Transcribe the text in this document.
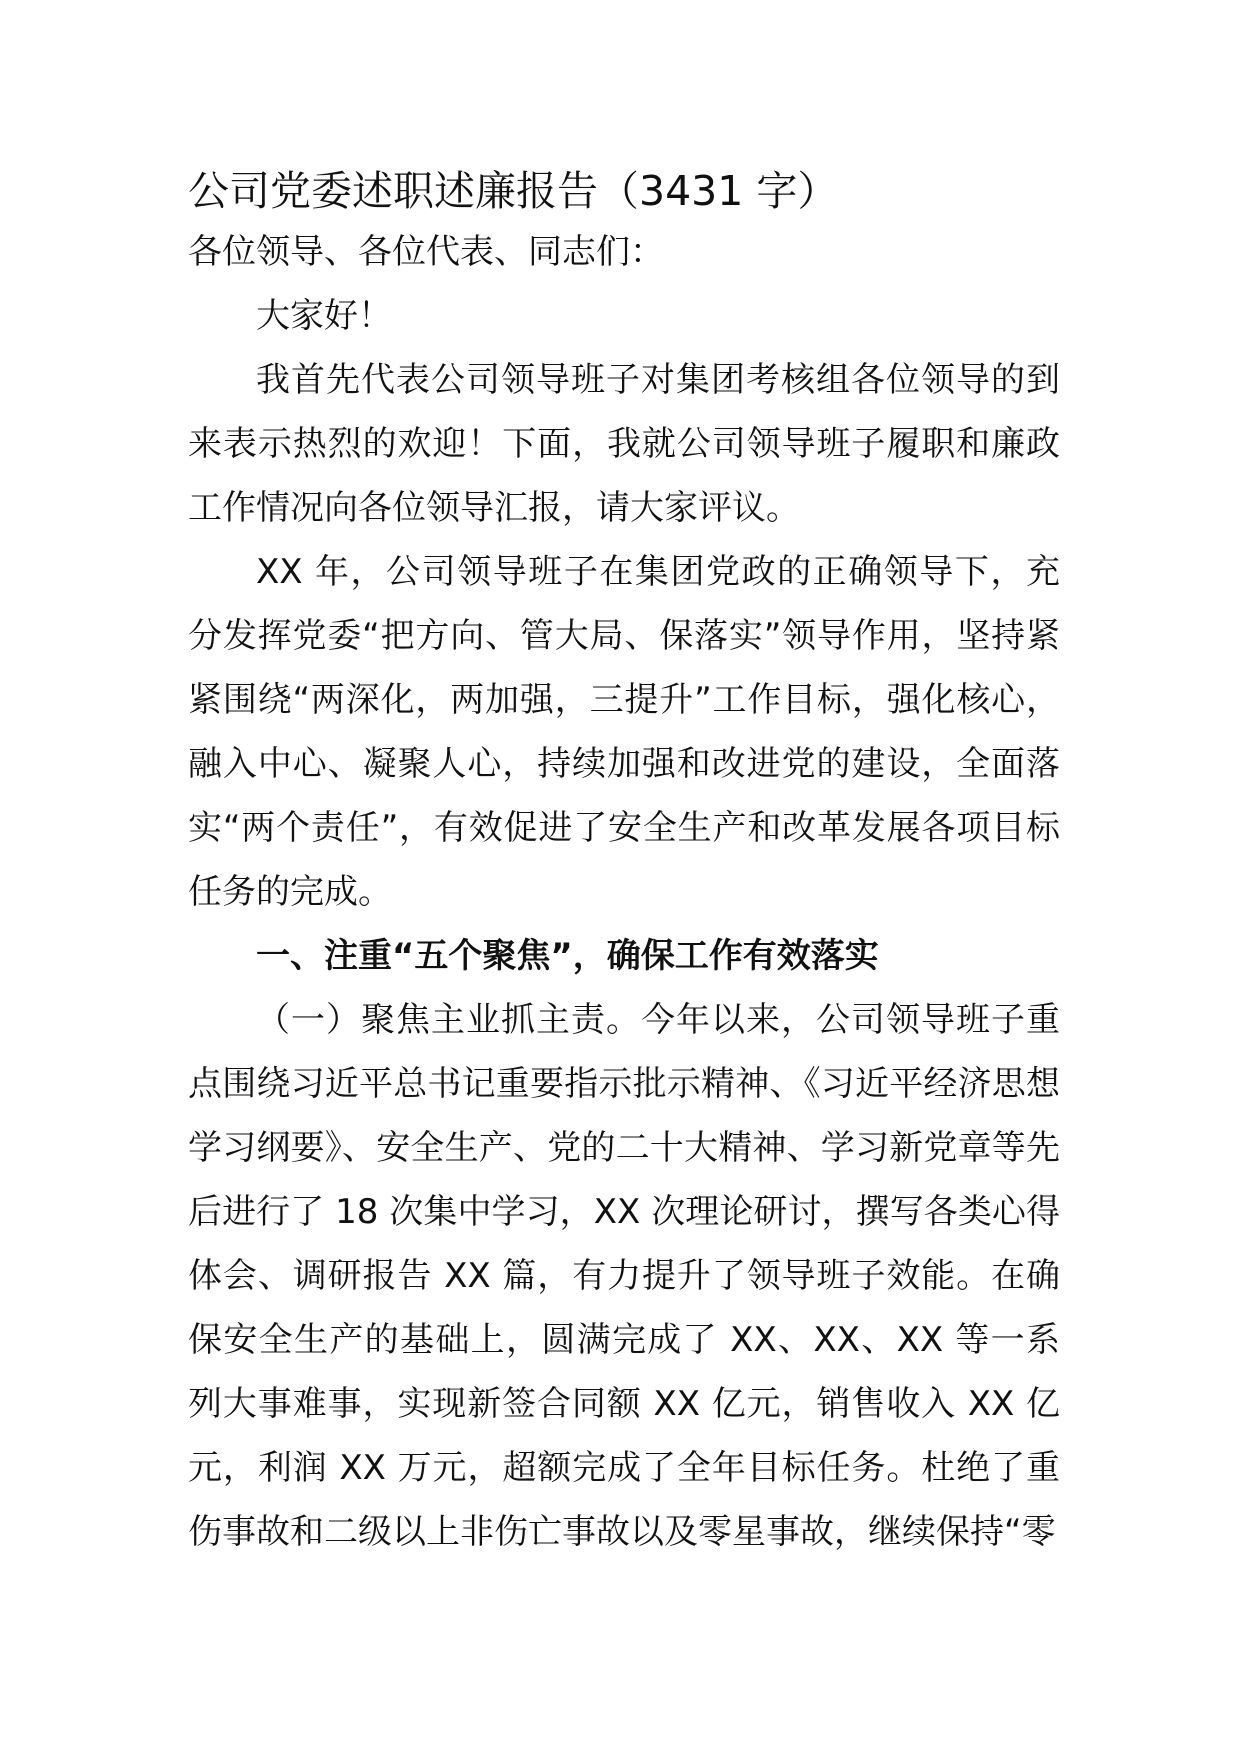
公司党委述职述廉报告（3431 字）

各位领导、各位代表、同志们：

大家好！

我首先代表公司领导班子对集团考核组各位领导的到来表示热烈的欢迎！下面，我就公司领导班子履职和廉政工作情况向各位领导汇报，请大家评议。

XX 年，公司领导班子在集团党政的正确领导下，充分发挥党委“把方向、管大局、保落实”领导作用，坚持紧紧围绕“两深化，两加强，三提升”工作目标，强化核心，融入中心、凝聚人心，持续加强和改进党的建设，全面落实“两个责任”，有效促进了安全生产和改革发展各项目标任务的完成。

一、注重“五个聚焦”，确保工作有效落实

（一）聚焦主业抓主责。今年以来，公司领导班子重点围绕习近平总书记重要指示批示精神、《习近平经济思想学习纲要》、安全生产、党的二十大精神、学习新党章等先后进行了 18 次集中学习，XX 次理论研讨，撰写各类心得体会、调研报告 XX 篇，有力提升了领导班子效能。在确保安全生产的基础上，圆满完成了 XX、XX、XX 等一系列大事难事，实现新签合同额 XX 亿元，销售收入 XX 亿元，利润 XX 万元，超额完成了全年目标任务。杜绝了重伤事故和二级以上非伤亡事故以及零星事故，继续保持“零
